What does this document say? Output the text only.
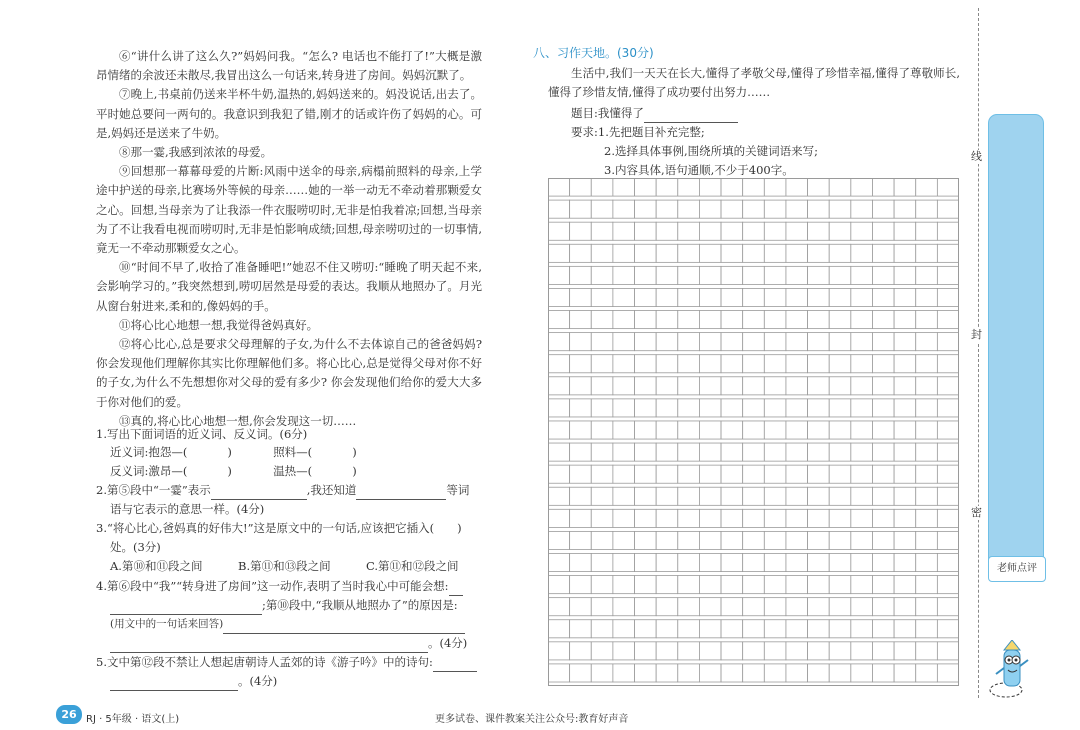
⑥“讲什么讲了这么久?”妈妈问我。“怎么? 电话也不能打了!”大概是激昂情绪的余波还未散尽,我冒出这么一句话来,转身进了房间。妈妈沉默了。
⑦晚上,书桌前仍送来半杯牛奶,温热的,妈妈送来的。妈没说话,出去了。平时她总要问一两句的。我意识到我犯了错,刚才的话或许伤了妈妈的心。可是,妈妈还是送来了牛奶。
⑧那一霎,我感到浓浓的母爱。
⑨回想那一幕幕母爱的片断:风雨中送伞的母亲,病榻前照料的母亲,上学途中护送的母亲,比赛场外等候的母亲……她的一举一动无不牵动着那颗爱女之心。回想,当母亲为了让我添一件衣服唠叨时,无非是怕我着凉;回想,当母亲为了不让我看电视而唠叨时,无非是怕影响成绩;回想,母亲唠叨过的一切事情,竟无一不牵动那颗爱女之心。
⑩“时间不早了,收拾了准备睡吧!”她忍不住又唠叨:“睡晚了明天起不来,会影响学习的。”我突然想到,唠叨居然是母爱的表达。我顺从地照办了。月光从窗台射进来,柔和的,像妈妈的手。
⑪将心比心地想一想,我觉得爸妈真好。
⑫将心比心,总是要求父母理解的子女,为什么不去体谅自己的爸爸妈妈? 你会发现他们理解你其实比你理解他们多。将心比心,总是觉得父母对你不好的子女,为什么不先想想你对父母的爱有多少? 你会发现他们给你的爱大大多于你对他们的爱。
⑬真的,将心比心地想一想,你会发现这一切……
1.写出下面词语的近义词、反义词。(6分)
近义词:抱怨—(	)	照料—(	)
反义词:激昂—(	)	温热—(	)
2.第⑤段中“一霎”表示	,我还知道	等词
语与它表示的意思一样。(4分)
3.“将心比心,爸妈真的好伟大!”这是原文中的一句话,应该把它插入(　　)
处。(3分)
A.第⑩和⑪段之间	B.第⑪和⑬段之间	C.第⑪和⑫段之间
4.第⑥段中“我”“转身进了房间”这一动作,表明了当时我心中可能会想:
;第⑩段中,“我顺从地照办了”的原因是:
(用文中的一句话来回答)
。(4分)
5.文中第⑫段不禁让人想起唐朝诗人孟郊的诗《游子吟》中的诗句:
。(4分)
八、习作天地。(30分)
生活中,我们一天天在长大,懂得了孝敬父母,懂得了珍惜幸福,懂得了尊敬师长,懂得了珍惜友情,懂得了成功要付出努力……
题目:我懂得了
要求:1.先把题目补充完整;
2.选择具体事例,围绕所填的关键词语来写;
3.内容具体,语句通顺,不少于400字。
线
封
密
老师点评
26 RJ · 5年级 · 语文(上)	更多试卷、课件教案关注公众号:教育好声音
